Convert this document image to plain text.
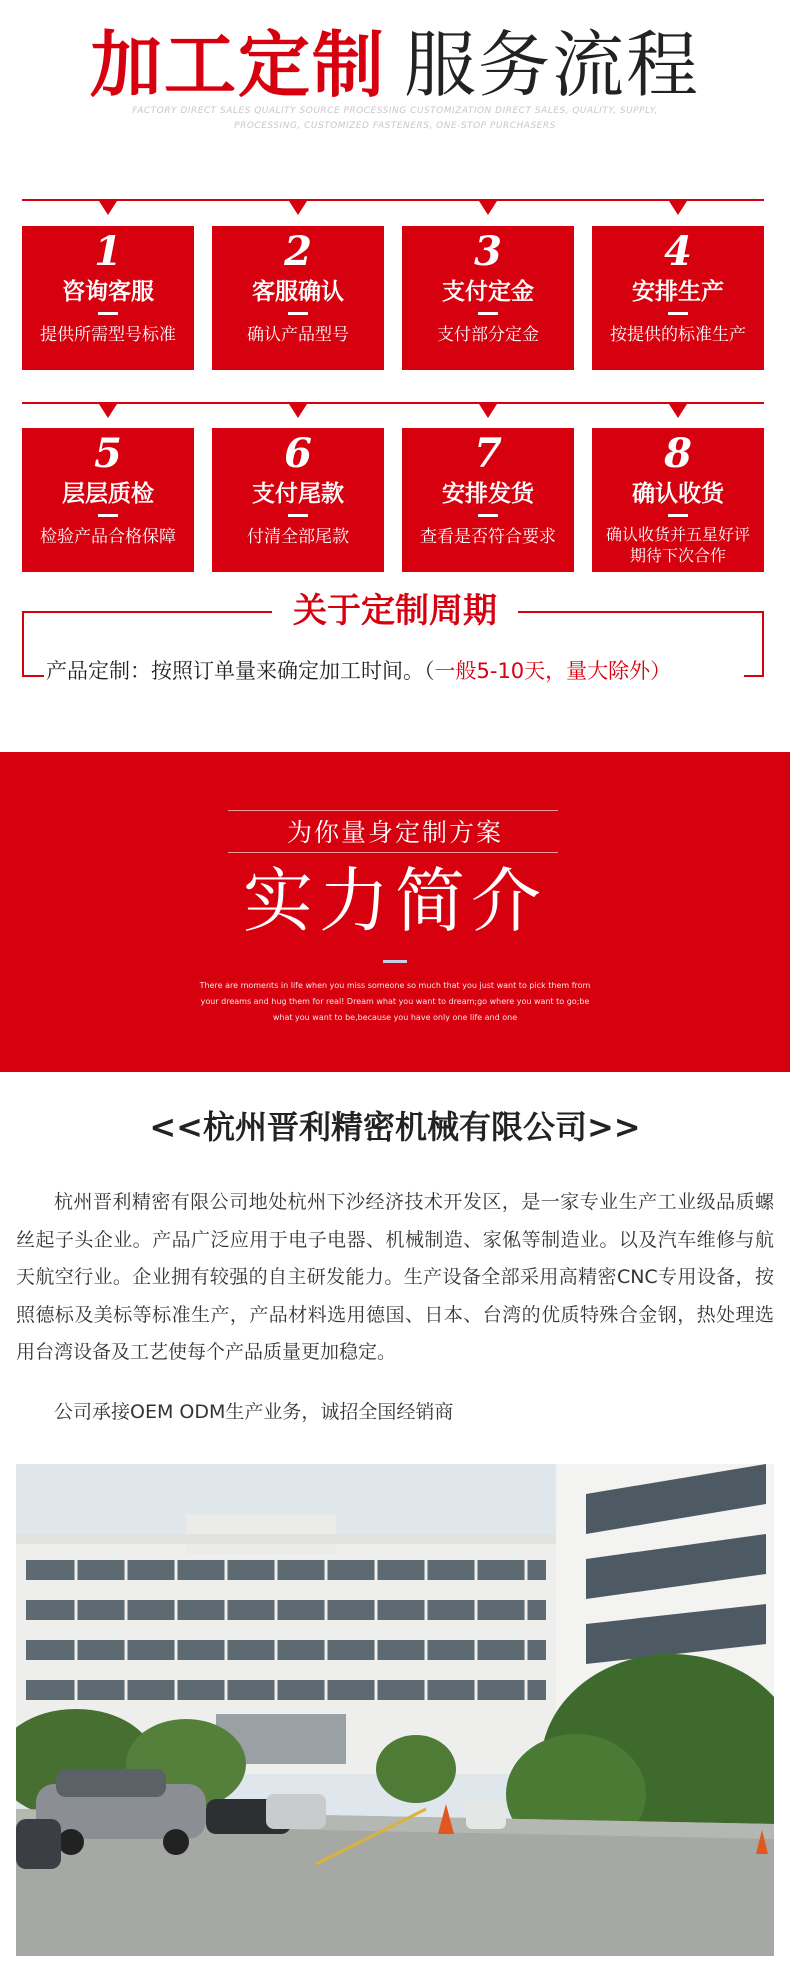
加工定制 服务流程
FACTORY DIRECT SALES QUALITY SOURCE PROCESSING CUSTOMIZATION DIRECT SALES, QUALITY, SUPPLY, PROCESSING, CUSTOMIZED FASTENERS, ONE-STOP PURCHASERS
1
咨询客服
提供所需型号标准
2
客服确认
确认产品型号
3
支付定金
支付部分定金
4
安排生产
按提供的标准生产
5
层层质检
检验产品合格保障
6
支付尾款
付清全部尾款
7
安排发货
查看是否符合要求
8
确认收货
确认收货并五星好评 期待下次合作
关于定制周期
产品定制：按照订单量来确定加工时间。（一般5-10天，量大除外）
为你量身定制方案
实力简介
There are moments in life when you miss someone so much that you just want to pick them from your dreams and hug them for real! Dream what you want to dream;go where you want to go;be what you want to be,because you have only one life and one
<<杭州晋利精密机械有限公司>>
杭州晋利精密有限公司地处杭州下沙经济技术开发区，是一家专业生产工业级品质螺丝起子头企业。产品广泛应用于电子电器、机械制造、家俬等制造业。以及汽车维修与航天航空行业。企业拥有较强的自主研发能力。生产设备全部采用高精密CNC专用设备，按照德标及美标等标准生产，产品材料选用德国、日本、台湾的优质特殊合金钢，热处理选用台湾设备及工艺使每个产品质量更加稳定。
公司承接OEM ODM生产业务，诚招全国经销商
